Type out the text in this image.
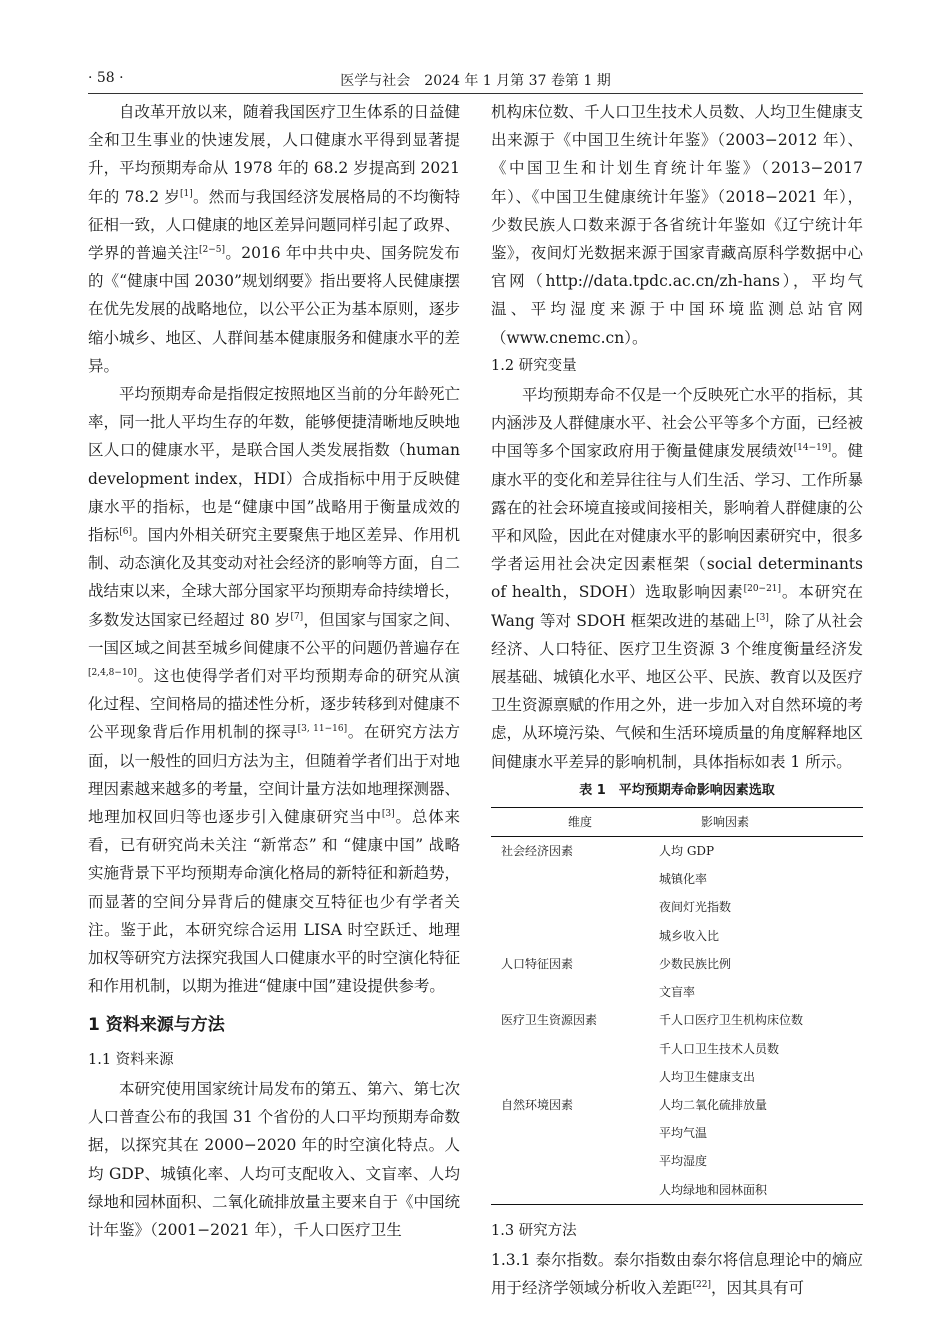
· 58 ·	医学与社会　2024 年 1 月第 37 卷第 1 期

自改革开放以来，随着我国医疗卫生体系的日益健全和卫生事业的快速发展，人口健康水平得到显著提升，平均预期寿命从 1978 年的 68.2 岁提高到 2021 年的 78.2 岁[1]。然而与我国经济发展格局的不均衡特征相一致，人口健康的地区差异问题同样引起了政界、学界的普遍关注[2−5]。2016 年中共中央、国务院发布的《“健康中国 2030”规划纲要》指出要将人民健康摆在优先发展的战略地位，以公平公正为基本原则，逐步缩小城乡、地区、人群间基本健康服务和健康水平的差异。

平均预期寿命是指假定按照地区当前的分年龄死亡率，同一批人平均生存的年数，能够便捷清晰地反映地区人口的健康水平，是联合国人类发展指数（human development index，HDI）合成指标中用于反映健康水平的指标，也是“健康中国”战略用于衡量成效的指标[6]。国内外相关研究主要聚焦于地区差异、作用机制、动态演化及其变动对社会经济的影响等方面，自二战结束以来，全球大部分国家平均预期寿命持续增长，多数发达国家已经超过 80 岁[7]，但国家与国家之间、一国区域之间甚至城乡间健康不公平的问题仍普遍存在[2,4,8−10]。这也使得学者们对平均预期寿命的研究从演化过程、空间格局的描述性分析，逐步转移到对健康不公平现象背后作用机制的探寻[3, 11−16]。在研究方法方面，以一般性的回归方法为主，但随着学者们出于对地理因素越来越多的考量，空间计量方法如地理探测器、地理加权回归等也逐步引入健康研究当中[3]。总体来看，已有研究尚未关注 “新常态” 和 “健康中国” 战略实施背景下平均预期寿命演化格局的新特征和新趋势，而显著的空间分异背后的健康交互特征也少有学者关注。鉴于此，本研究综合运用 LISA 时空跃迁、地理加权等研究方法探究我国人口健康水平的时空演化特征和作用机制，以期为推进“健康中国”建设提供参考。

1 资料来源与方法
1.1 资料来源

本研究使用国家统计局发布的第五、第六、第七次人口普查公布的我国 31 个省份的人口平均预期寿命数据，以探究其在 2000−2020 年的时空演化特点。人均 GDP、城镇化率、人均可支配收入、文盲率、人均绿地和园林面积、二氧化硫排放量主要来自于《中国统计年鉴》（2001−2021 年），千人口医疗卫生

机构床位数、千人口卫生技术人员数、人均卫生健康支出来源于《中国卫生统计年鉴》（2003−2012 年）、《中国卫生和计划生育统计年鉴》（2013−2017 年）、《中国卫生健康统计年鉴》（2018−2021 年），少数民族人口数来源于各省统计年鉴如《辽宁统计年鉴》，夜间灯光数据来源于国家青藏高原科学数据中心官网（http://data.tpdc.ac.cn/zh-hans），平均气温、平均湿度来源于中国环境监测总站官网（www.cnemc.cn）。

1.2 研究变量

平均预期寿命不仅是一个反映死亡水平的指标，其内涵涉及人群健康水平、社会公平等多个方面，已经被中国等多个国家政府用于衡量健康发展绩效[14−19]。健康水平的变化和差异往往与人们生活、学习、工作所暴露在的社会环境直接或间接相关，影响着人群健康的公平和风险，因此在对健康水平的影响因素研究中，很多学者运用社会决定因素框架（social determinants of health，SDOH）选取影响因素[20−21]。本研究在 Wang 等对 SDOH 框架改进的基础上[3]，除了从社会经济、人口特征、医疗卫生资源 3 个维度衡量经济发展基础、城镇化水平、地区公平、民族、教育以及医疗卫生资源禀赋的作用之外，进一步加入对自然环境的考虑，从环境污染、气候和生活环境质量的角度解释地区间健康水平差异的影响机制，具体指标如表 1 所示。

表 1　平均预期寿命影响因素选取
维度	影响因素
社会经济因素	人均 GDP
	城镇化率
	夜间灯光指数
	城乡收入比
人口特征因素	少数民族比例
	文盲率
医疗卫生资源因素	千人口医疗卫生机构床位数
	千人口卫生技术人员数
	人均卫生健康支出
自然环境因素	人均二氧化硫排放量
	平均气温
	平均湿度
	人均绿地和园林面积
1.3 研究方法

1.3.1 泰尔指数。泰尔指数由泰尔将信息理论中的熵应用于经济学领域分析收入差距[22]，因其具有可
